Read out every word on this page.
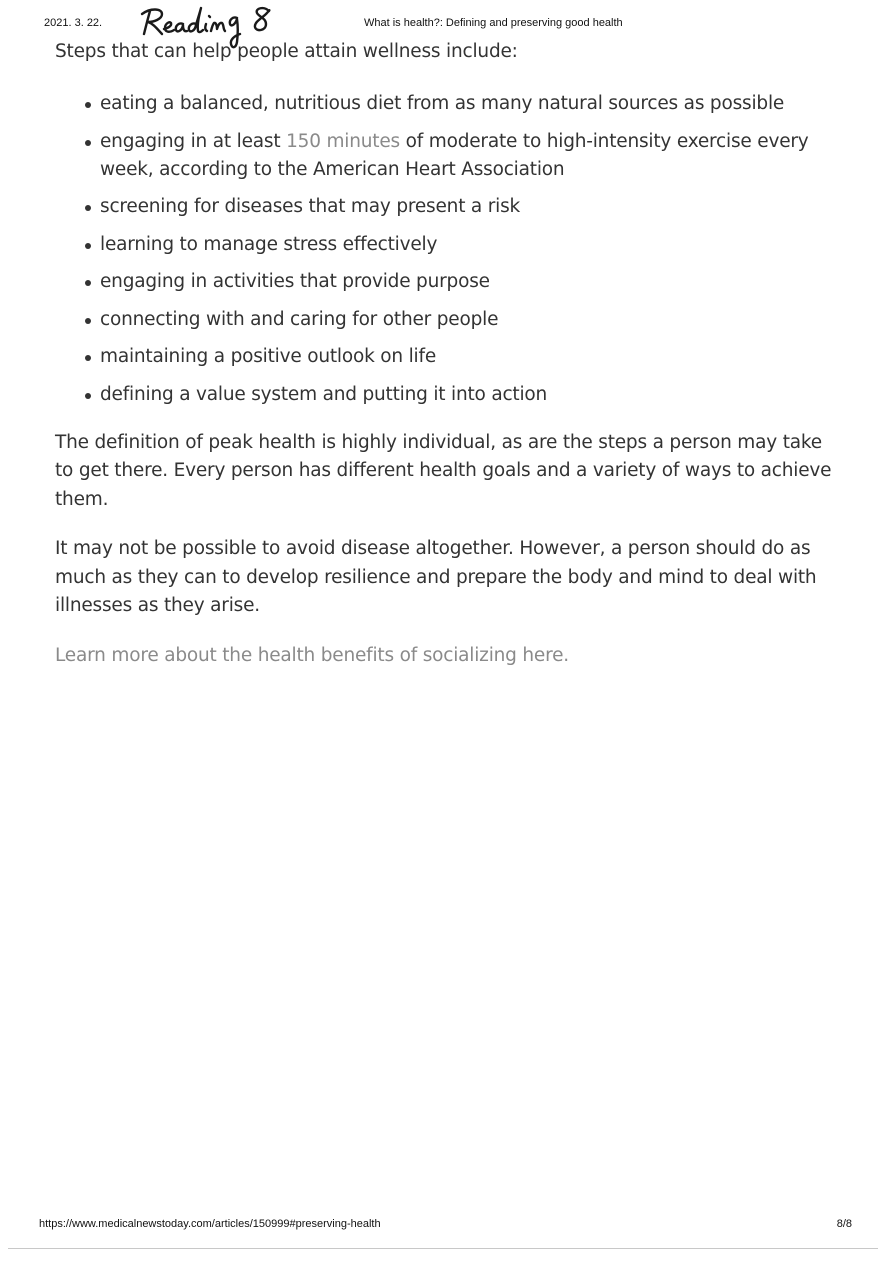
2021. 3. 22.	What is health?: Defining and preserving good health

Steps that can help people attain wellness include:

eating a balanced, nutritious diet from as many natural sources as possible
engaging in at least 150 minutes of moderate to high-intensity exercise every week, according to the American Heart Association
screening for diseases that may present a risk
learning to manage stress effectively
engaging in activities that provide purpose
connecting with and caring for other people
maintaining a positive outlook on life
defining a value system and putting it into action

The definition of peak health is highly individual, as are the steps a person may take to get there. Every person has different health goals and a variety of ways to achieve them.

It may not be possible to avoid disease altogether. However, a person should do as much as they can to develop resilience and prepare the body and mind to deal with illnesses as they arise.

Learn more about the health benefits of socializing here.

https://www.medicalnewstoday.com/articles/150999#preserving-health	8/8
